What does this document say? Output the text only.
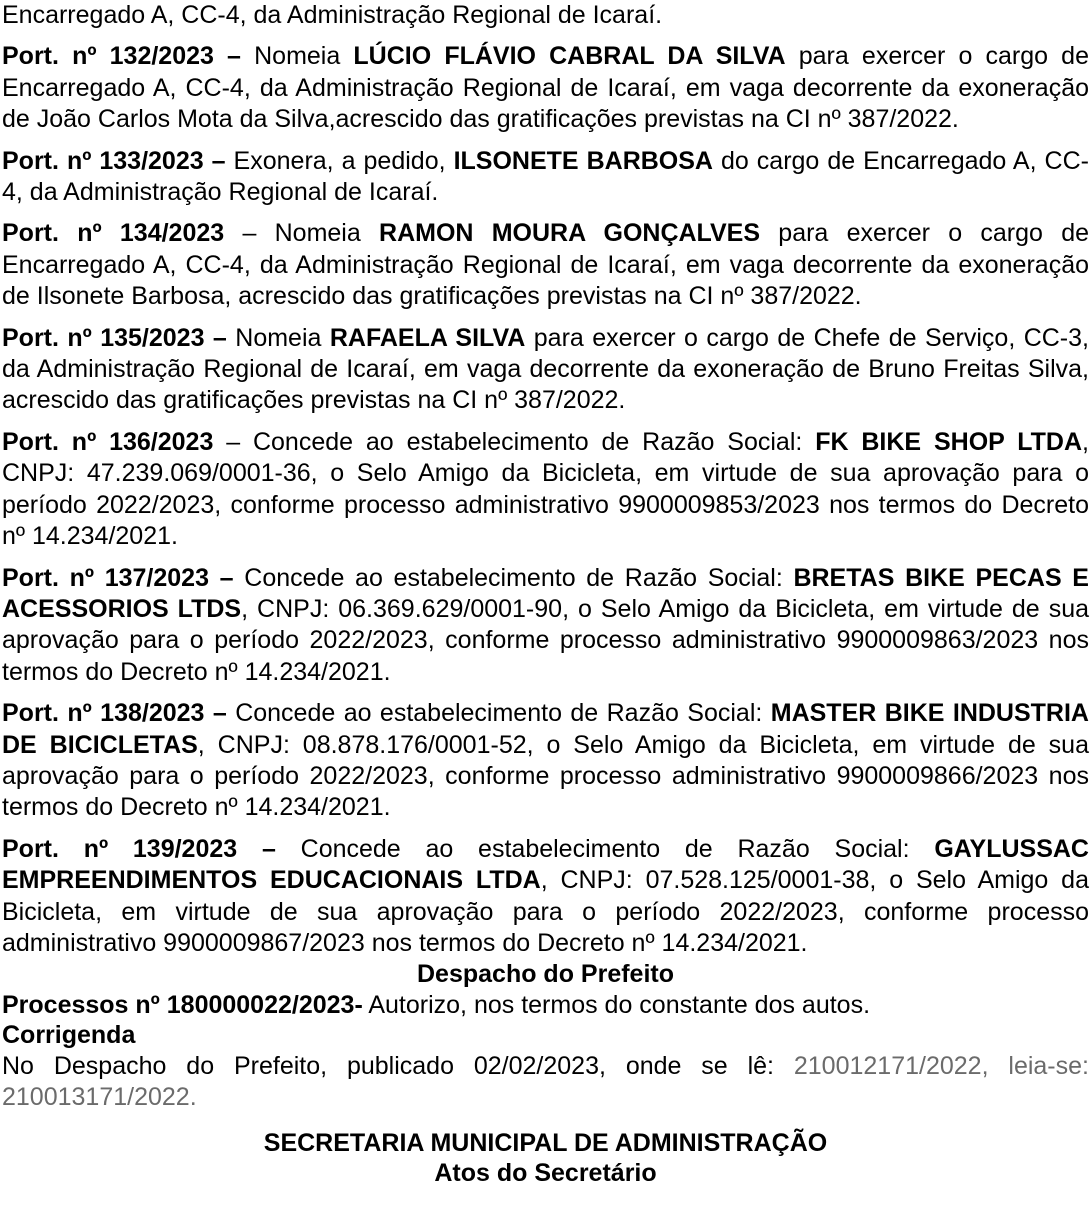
Encarregado A, CC-4, da Administração Regional de Icaraí.

Port. nº 132/2023 – Nomeia LÚCIO FLÁVIO CABRAL DA SILVA para exercer o cargo de Encarregado A, CC-4, da Administração Regional de Icaraí, em vaga decorrente da exoneração de João Carlos Mota da Silva,acrescido das gratificações previstas na CI nº 387/2022.

Port. nº 133/2023 – Exonera, a pedido, ILSONETE BARBOSA do cargo de Encarregado A, CC-4, da Administração Regional de Icaraí.

Port. nº 134/2023 – Nomeia RAMON MOURA GONÇALVES para exercer o cargo de Encarregado A, CC-4, da Administração Regional de Icaraí, em vaga decorrente da exoneração de Ilsonete Barbosa, acrescido das gratificações previstas na CI nº 387/2022.

Port. nº 135/2023 – Nomeia RAFAELA SILVA para exercer o cargo de Chefe de Serviço, CC-3, da Administração Regional de Icaraí, em vaga decorrente da exoneração de Bruno Freitas Silva, acrescido das gratificações previstas na CI nº 387/2022.

Port. nº 136/2023 – Concede ao estabelecimento de Razão Social: FK BIKE SHOP LTDA, CNPJ: 47.239.069/0001-36, o Selo Amigo da Bicicleta, em virtude de sua aprovação para o período 2022/2023, conforme processo administrativo 9900009853/2023 nos termos do Decreto nº 14.234/2021.

Port. nº 137/2023 – Concede ao estabelecimento de Razão Social: BRETAS BIKE PECAS E ACESSORIOS LTDS, CNPJ: 06.369.629/0001-90, o Selo Amigo da Bicicleta, em virtude de sua aprovação para o período 2022/2023, conforme processo administrativo 9900009863/2023 nos termos do Decreto nº 14.234/2021.

Port. nº 138/2023 – Concede ao estabelecimento de Razão Social: MASTER BIKE INDUSTRIA DE BICICLETAS, CNPJ: 08.878.176/0001-52, o Selo Amigo da Bicicleta, em virtude de sua aprovação para o período 2022/2023, conforme processo administrativo 9900009866/2023 nos termos do Decreto nº 14.234/2021.

Port. nº 139/2023 – Concede ao estabelecimento de Razão Social: GAYLUSSAC EMPREENDIMENTOS EDUCACIONAIS LTDA, CNPJ: 07.528.125/0001-38, o Selo Amigo da Bicicleta, em virtude de sua aprovação para o período 2022/2023, conforme processo administrativo 9900009867/2023 nos termos do Decreto nº 14.234/2021.

Despacho do Prefeito

Processos nº 180000022/2023- Autorizo, nos termos do constante dos autos.

Corrigenda

No Despacho do Prefeito, publicado 02/02/2023, onde se lê: 210012171/2022, leia-se: 210013171/2022.

SECRETARIA MUNICIPAL DE ADMINISTRAÇÃO

Atos do Secretário
